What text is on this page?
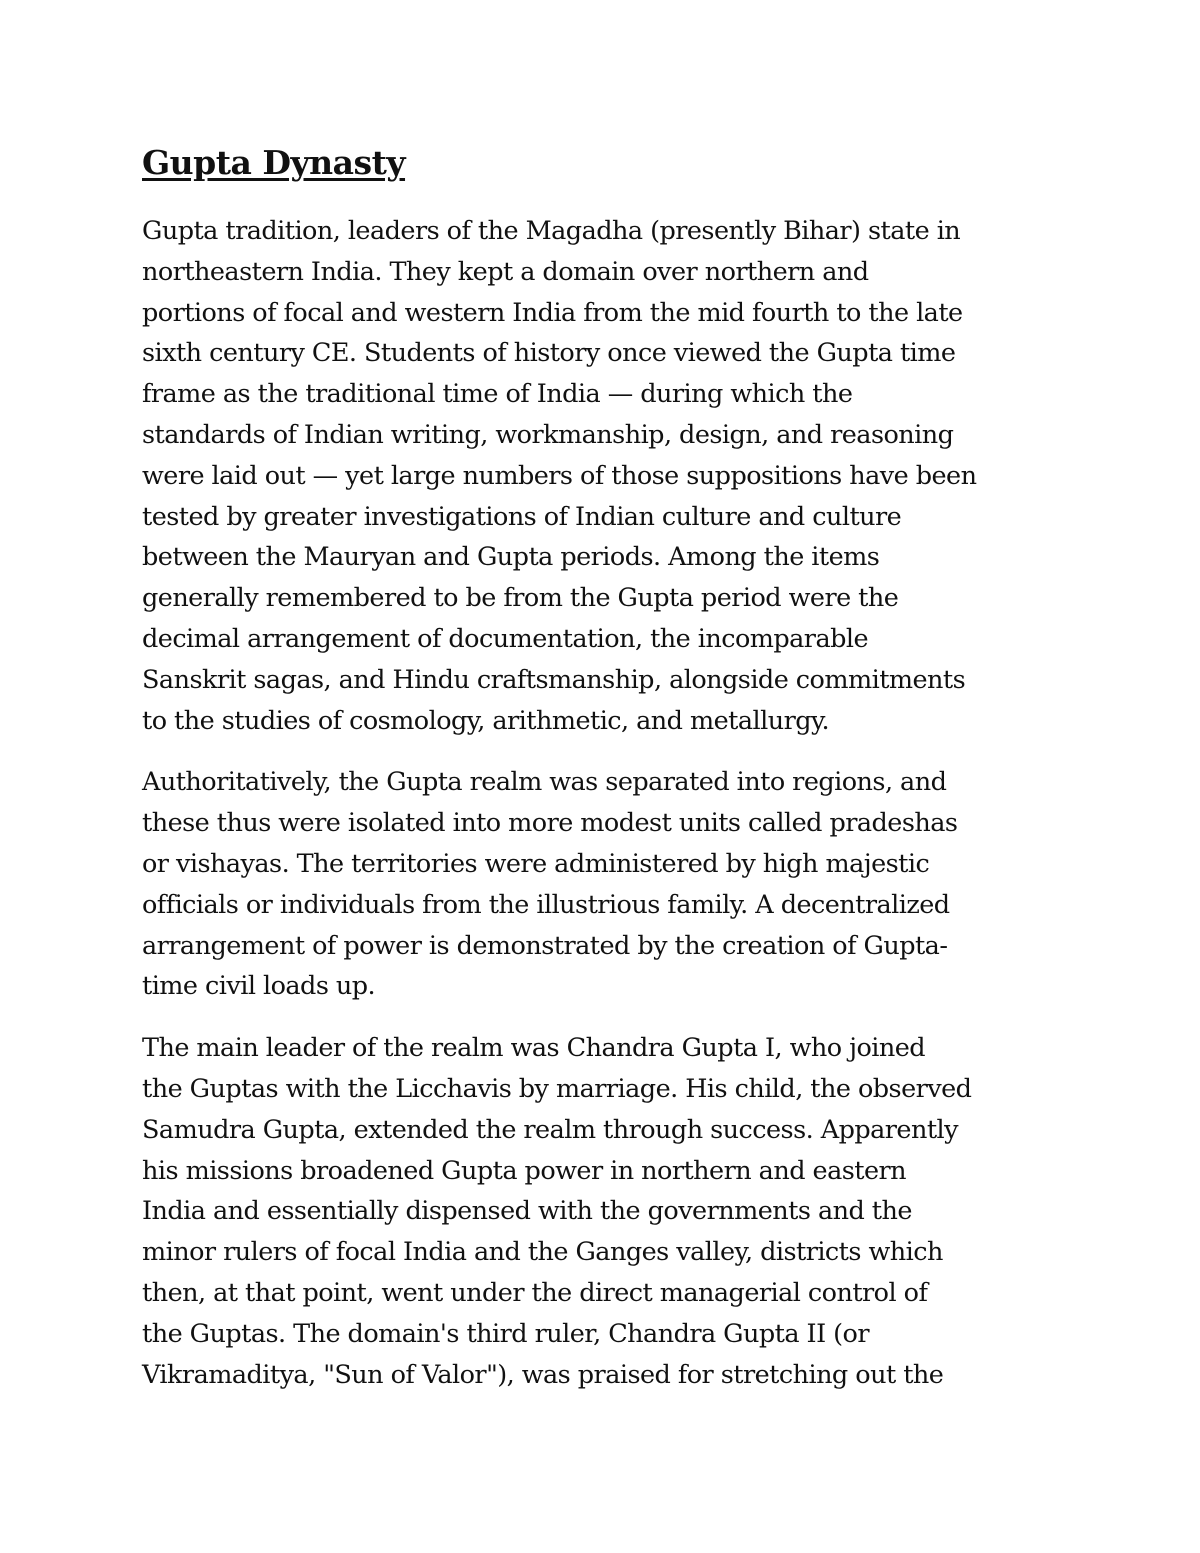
Gupta Dynasty
Gupta tradition, leaders of the Magadha (presently Bihar) state in
northeastern India. They kept a domain over northern and
portions of focal and western India from the mid fourth to the late
sixth century CE. Students of history once viewed the Gupta time
frame as the traditional time of India — during which the
standards of Indian writing, workmanship, design, and reasoning
were laid out — yet large numbers of those suppositions have been
tested by greater investigations of Indian culture and culture
between the Mauryan and Gupta periods. Among the items
generally remembered to be from the Gupta period were the
decimal arrangement of documentation, the incomparable
Sanskrit sagas, and Hindu craftsmanship, alongside commitments
to the studies of cosmology, arithmetic, and metallurgy.
Authoritatively, the Gupta realm was separated into regions, and
these thus were isolated into more modest units called pradeshas
or vishayas. The territories were administered by high majestic
officials or individuals from the illustrious family. A decentralized
arrangement of power is demonstrated by the creation of Gupta-
time civil loads up.
The main leader of the realm was Chandra Gupta I, who joined
the Guptas with the Licchavis by marriage. His child, the observed
Samudra Gupta, extended the realm through success. Apparently
his missions broadened Gupta power in northern and eastern
India and essentially dispensed with the governments and the
minor rulers of focal India and the Ganges valley, districts which
then, at that point, went under the direct managerial control of
the Guptas. The domain's third ruler, Chandra Gupta II (or
Vikramaditya, "Sun of Valor"), was praised for stretching out the
